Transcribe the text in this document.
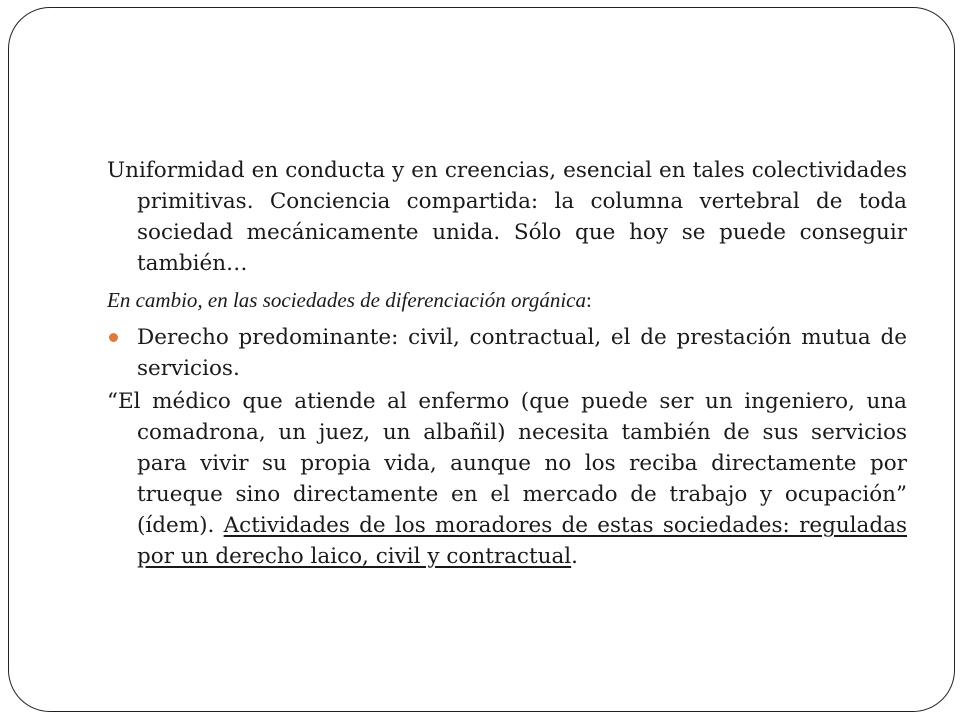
Uniformidad en conducta y en creencias, esencial en tales colectividades primitivas. Conciencia compartida: la columna vertebral de toda sociedad mecánicamente unida. Sólo que hoy se puede conseguir también…

En cambio, en las sociedades de diferenciación orgánica:

Derecho predominante: civil, contractual, el de prestación mutua de servicios.

“El médico que atiende al enfermo (que puede ser un ingeniero, una comadrona, un juez, un albañil) necesita también de sus servicios para vivir su propia vida, aunque no los reciba directamente por trueque sino directamente en el mercado de trabajo y ocupación” (ídem). Actividades de los moradores de estas sociedades: reguladas por un derecho laico, civil y contractual.
